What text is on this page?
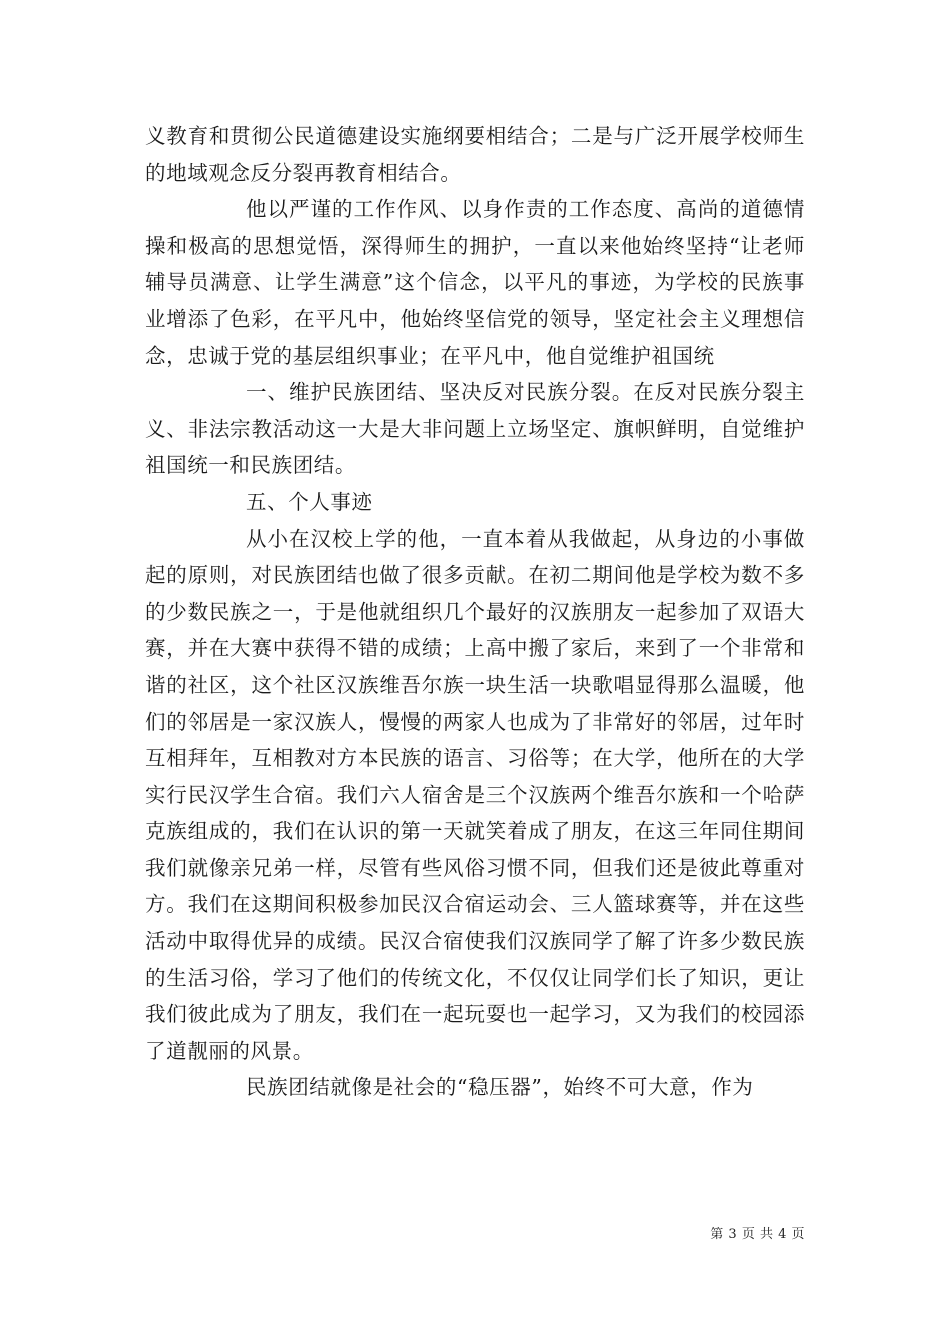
义教育和贯彻公民道德建设实施纲要相结合；二是与广泛开展学校师生的地域观念反分裂再教育相结合。

他以严谨的工作作风、以身作责的工作态度、高尚的道德情操和极高的思想觉悟，深得师生的拥护，一直以来他始终坚持“让老师辅导员满意、让学生满意”这个信念，以平凡的事迹，为学校的民族事业增添了色彩，在平凡中，他始终坚信党的领导，坚定社会主义理想信念，忠诚于党的基层组织事业；在平凡中，他自觉维护祖国统

一、维护民族团结、坚决反对民族分裂。在反对民族分裂主义、非法宗教活动这一大是大非问题上立场坚定、旗帜鲜明，自觉维护祖国统一和民族团结。

五、个人事迹

从小在汉校上学的他，一直本着从我做起，从身边的小事做起的原则，对民族团结也做了很多贡献。在初二期间他是学校为数不多的少数民族之一，于是他就组织几个最好的汉族朋友一起参加了双语大赛，并在大赛中获得不错的成绩；上高中搬了家后，来到了一个非常和谐的社区，这个社区汉族维吾尔族一块生活一块歌唱显得那么温暖，他们的邻居是一家汉族人，慢慢的两家人也成为了非常好的邻居，过年时互相拜年，互相教对方本民族的语言、习俗等；在大学，他所在的大学实行民汉学生合宿。我们六人宿舍是三个汉族两个维吾尔族和一个哈萨克族组成的，我们在认识的第一天就笑着成了朋友，在这三年同住期间我们就像亲兄弟一样，尽管有些风俗习惯不同，但我们还是彼此尊重对方。我们在这期间积极参加民汉合宿运动会、三人篮球赛等，并在这些活动中取得优异的成绩。民汉合宿使我们汉族同学了解了许多少数民族的生活习俗，学习了他们的传统文化，不仅仅让同学们长了知识，更让我们彼此成为了朋友，我们在一起玩耍也一起学习，又为我们的校园添了道靓丽的风景。

民族团结就像是社会的“稳压器”，始终不可大意，作为

第 3 页 共 4 页
